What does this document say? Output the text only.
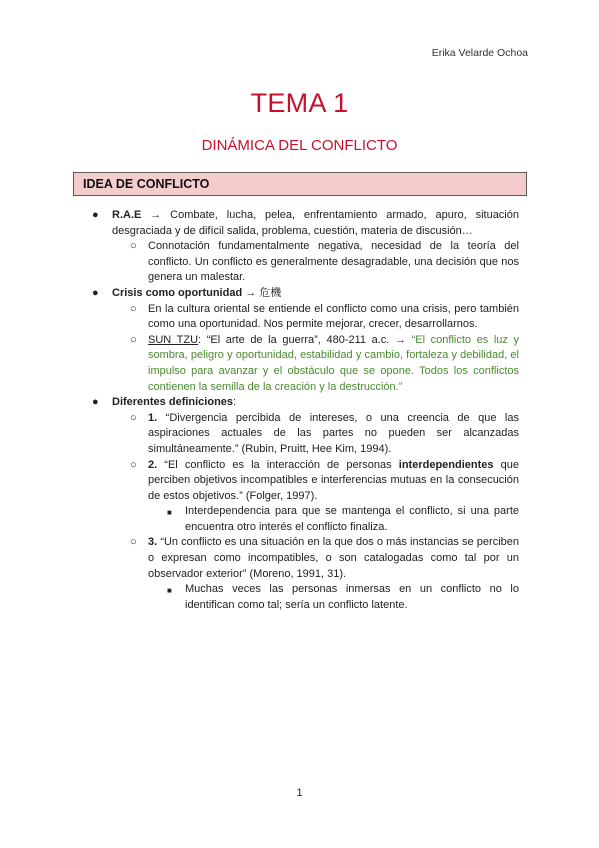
Erika Velarde Ochoa
TEMA 1
DINÁMICA DEL CONFLICTO
IDEA DE CONFLICTO
● R.A.E → Combate, lucha, pelea, enfrentamiento armado, apuro, situación desgraciada y de difícil salida, problema, cuestión, materia de discusión…
○ Connotación fundamentalmente negativa, necesidad de la teoría del conflicto. Un conflicto es generalmente desagradable, una decisión que nos genera un malestar.
● Crisis como oportunidad → 危機
○ En la cultura oriental se entiende el conflicto como una crisis, pero también como una oportunidad. Nos permite mejorar, crecer, desarrollarnos.
○ SUN TZU: “El arte de la guerra”, 480-211 a.c. → “El conflicto es luz y sombra, peligro y oportunidad, estabilidad y cambio, fortaleza y debilidad, el impulso para avanzar y el obstáculo que se opone. Todos los conflictos contienen la semilla de la creación y la destrucción.”
● Diferentes definiciones:
○ 1. “Divergencia percibida de intereses, o una creencia de que las aspiraciones actuales de las partes no pueden ser alcanzadas simultáneamente.” (Rubin, Pruitt, Hee Kim, 1994).
○ 2. “El conflicto es la interacción de personas interdependientes que perciben objetivos incompatibles e interferencias mutuas en la consecución de estos objetivos.” (Folger, 1997).
■ Interdependencia para que se mantenga el conflicto, si una parte encuentra otro interés el conflicto finaliza.
○ 3. “Un conflicto es una situación en la que dos o más instancias se perciben o expresan como incompatibles, o son catalogadas como tal por un observador exterior” (Moreno, 1991, 31).
■ Muchas veces las personas inmersas en un conflicto no lo identifican como tal; sería un conflicto latente.
1
